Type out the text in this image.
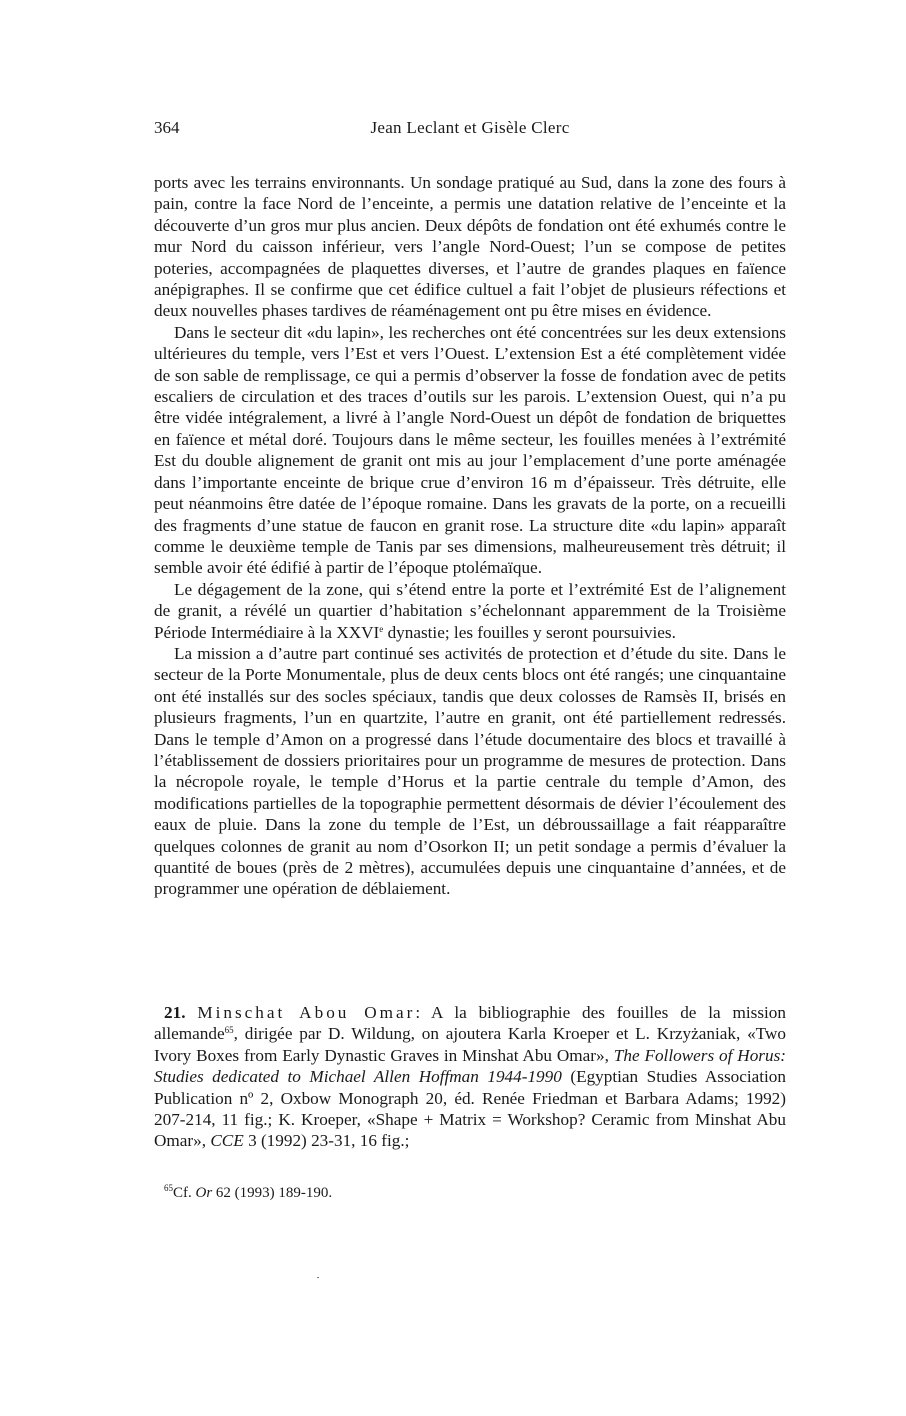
364	Jean Leclant et Gisèle Clerc

ports avec les terrains environnants. Un sondage pratiqué au Sud, dans la zone des fours à pain, contre la face Nord de l’enceinte, a permis une datation relative de l’enceinte et la découverte d’un gros mur plus ancien. Deux dépôts de fondation ont été exhumés contre le mur Nord du caisson inférieur, vers l’angle Nord-Ouest; l’un se compose de petites poteries, accompagnées de plaquettes diverses, et l’autre de grandes plaques en faïence anépigraphes. Il se confirme que cet édifice cultuel a fait l’objet de plusieurs réfections et deux nouvelles phases tardives de réaménagement ont pu être mises en évidence.

Dans le secteur dit «du lapin», les recherches ont été concentrées sur les deux extensions ultérieures du temple, vers l’Est et vers l’Ouest. L’extension Est a été complètement vidée de son sable de remplissage, ce qui a permis d’observer la fosse de fondation avec de petits escaliers de circulation et des traces d’outils sur les parois. L’extension Ouest, qui n’a pu être vidée intégralement, a livré à l’angle Nord-Ouest un dépôt de fondation de briquettes en faïence et métal doré. Toujours dans le même secteur, les fouilles menées à l’extrémité Est du double alignement de granit ont mis au jour l’emplacement d’une porte aménagée dans l’importante enceinte de brique crue d’environ 16 m d’épaisseur. Très détruite, elle peut néanmoins être datée de l’époque romaine. Dans les gravats de la porte, on a recueilli des fragments d’une statue de faucon en granit rose. La structure dite «du lapin» apparaît comme le deuxième temple de Tanis par ses dimensions, malheureusement très détruit; il semble avoir été édifié à partir de l’époque ptolémaïque.

Le dégagement de la zone, qui s’étend entre la porte et l’extrémité Est de l’alignement de granit, a révélé un quartier d’habitation s’échelonnant apparemment de la Troisième Période Intermédiaire à la XXVIe dynastie; les fouilles y seront poursuivies.

La mission a d’autre part continué ses activités de protection et d’étude du site. Dans le secteur de la Porte Monumentale, plus de deux cents blocs ont été rangés; une cinquantaine ont été installés sur des socles spéciaux, tandis que deux colosses de Ramsès II, brisés en plusieurs fragments, l’un en quartzite, l’autre en granit, ont été partiellement redressés. Dans le temple d’Amon on a progressé dans l’étude documentaire des blocs et travaillé à l’établissement de dossiers prioritaires pour un programme de mesures de protection. Dans la nécropole royale, le temple d’Horus et la partie centrale du temple d’Amon, des modifications partielles de la topographie permettent désormais de dévier l’écoulement des eaux de pluie. Dans la zone du temple de l’Est, un débroussaillage a fait réapparaître quelques colonnes de granit au nom d’Osorkon II; un petit sondage a permis d’évaluer la quantité de boues (près de 2 mètres), accumulées depuis une cinquantaine d’années, et de programmer une opération de déblaiement.

21. Minschat Abou Omar: A la bibliographie des fouilles de la mission allemande$^{65}$, dirigée par D. Wildung, on ajoutera Karla Kroeper et L. Krzyżaniak, «Two Ivory Boxes from Early Dynastic Graves in Minshat Abu Omar», The Followers of Horus: Studies dedicated to Michael Allen Hoffman 1944-1990 (Egyptian Studies Association Publication nº 2, Oxbow Monograph 20, éd. Renée Friedman et Barbara Adams; 1992) 207-214, 11 fig.; K. Kroeper, «Shape + Matrix = Workshop? Ceramic from Minshat Abu Omar», CCE 3 (1992) 23-31, 16 fig.;

$^{65}$Cf. Or 62 (1993) 189-190.
